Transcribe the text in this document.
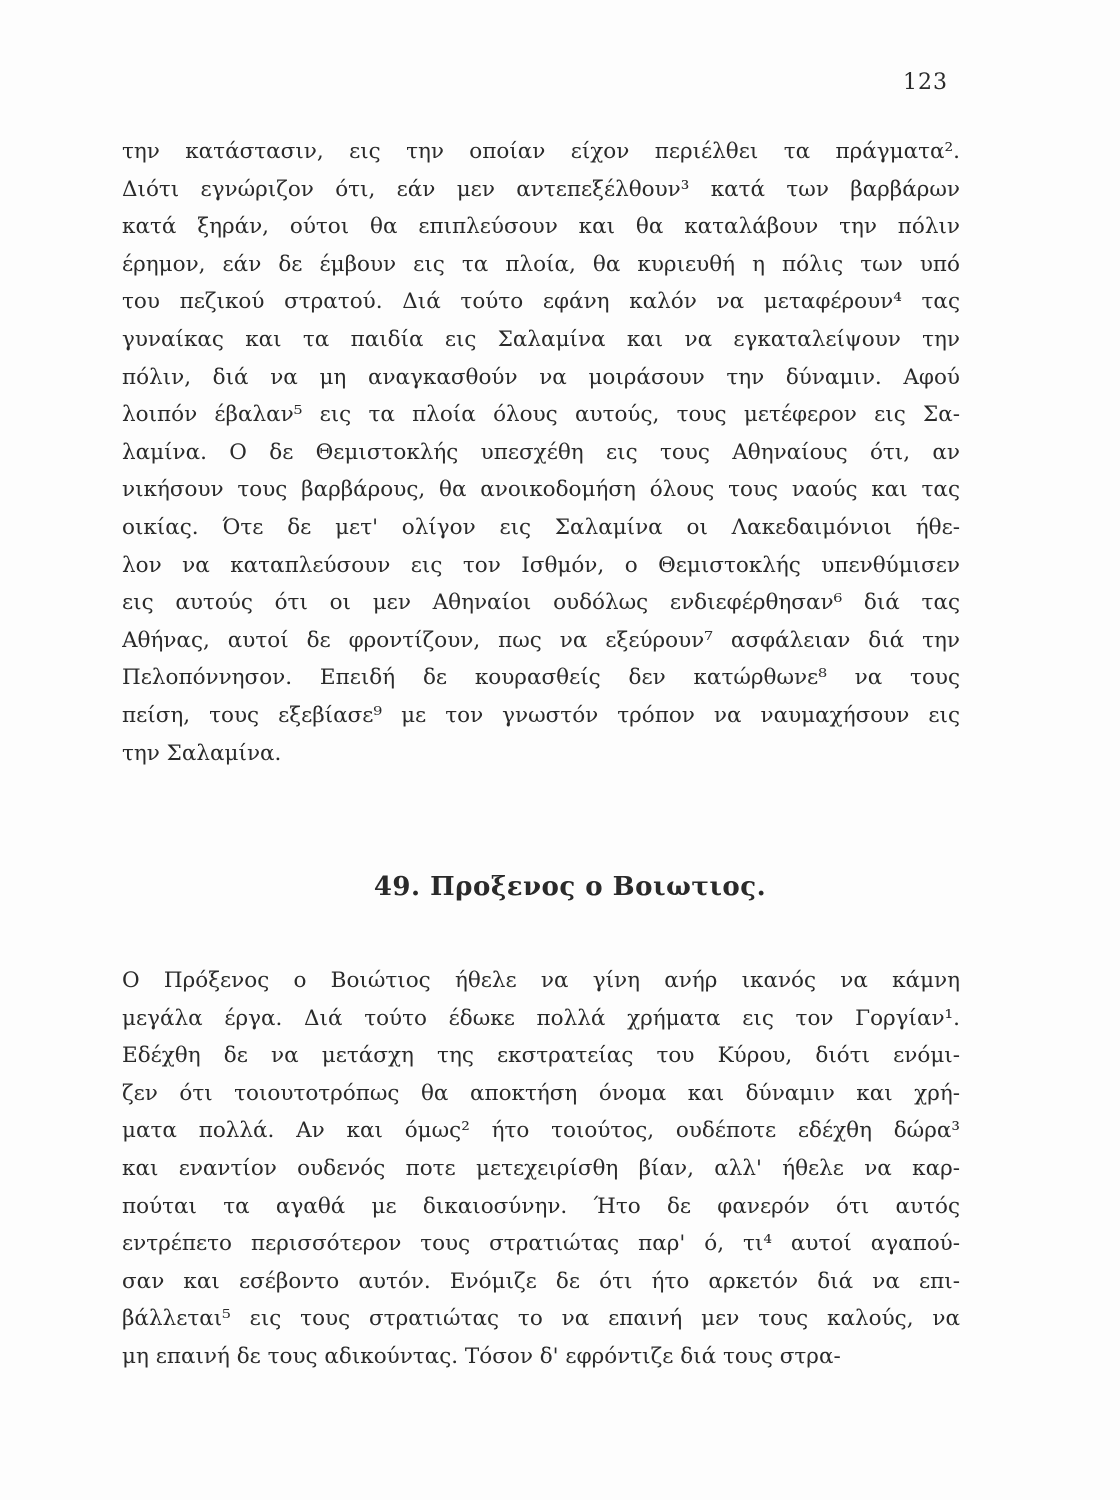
123
την κατάστασιν, εις την οποίαν είχον περιέλθει τα πράγματα².
Διότι εγνώριζον ότι, εάν μεν αντεπεξέλθουν³ κατά των βαρβάρων
κατά ξηράν, ούτοι θα επιπλεύσουν και θα καταλάβουν την πόλιν
έρημον, εάν δε έμβουν εις τα πλοία, θα κυριευθή η πόλις των υπό
του πεζικού στρατού. Διά τούτο εφάνη καλόν να μεταφέρουν⁴ τας
γυναίκας και τα παιδία εις Σαλαμίνα και να εγκαταλείψουν την
πόλιν, διά να μη αναγκασθούν να μοιράσουν την δύναμιν. Αφού
λοιπόν έβαλαν⁵ εις τα πλοία όλους αυτούς, τους μετέφερον εις Σα-
λαμίνα. Ο δε Θεμιστοκλής υπεσχέθη εις τους Αθηναίους ότι, αν
νικήσουν τους βαρβάρους, θα ανοικοδομήση όλους τους ναούς και τας
οικίας. Ότε δε μετ' ολίγον εις Σαλαμίνα οι Λακεδαιμόνιοι ήθε-
λον να καταπλεύσουν εις τον Ισθμόν, ο Θεμιστοκλής υπενθύμισεν
εις αυτούς ότι οι μεν Αθηναίοι ουδόλως ενδιεφέρθησαν⁶ διά τας
Αθήνας, αυτοί δε φροντίζουν, πως να εξεύρουν⁷ ασφάλειαν διά την
Πελοπόννησον. Επειδή δε κουρασθείς δεν κατώρθωνε⁸ να τους
πείση, τους εξεβίασε⁹ με τον γνωστόν τρόπον να ναυμαχήσουν εις
την Σαλαμίνα.
49. Προξενος ο Βοιωτιος.
Ο Πρόξενος ο Βοιώτιος ήθελε να γίνη ανήρ ικανός να κάμνη
μεγάλα έργα. Διά τούτο έδωκε πολλά χρήματα εις τον Γοργίαν¹.
Εδέχθη δε να μετάσχη της εκστρατείας του Κύρου, διότι ενόμι-
ζεν ότι τοιουτοτρόπως θα αποκτήση όνομα και δύναμιν και χρή-
ματα πολλά. Αν και όμως² ήτο τοιούτος, ουδέποτε εδέχθη δώρα³
και εναντίον ουδενός ποτε μετεχειρίσθη βίαν, αλλ' ήθελε να καρ-
πούται τα αγαθά με δικαιοσύνην. Ήτο δε φανερόν ότι αυτός
εντρέπετο περισσότερον τους στρατιώτας παρ' ό, τι⁴ αυτοί αγαπού-
σαν και εσέβοντο αυτόν. Ενόμιζε δε ότι ήτο αρκετόν διά να επι-
βάλλεται⁵ εις τους στρατιώτας το να επαινή μεν τους καλούς, να
μη επαινή δε τους αδικούντας. Τόσον δ' εφρόντιζε διά τους στρα-
